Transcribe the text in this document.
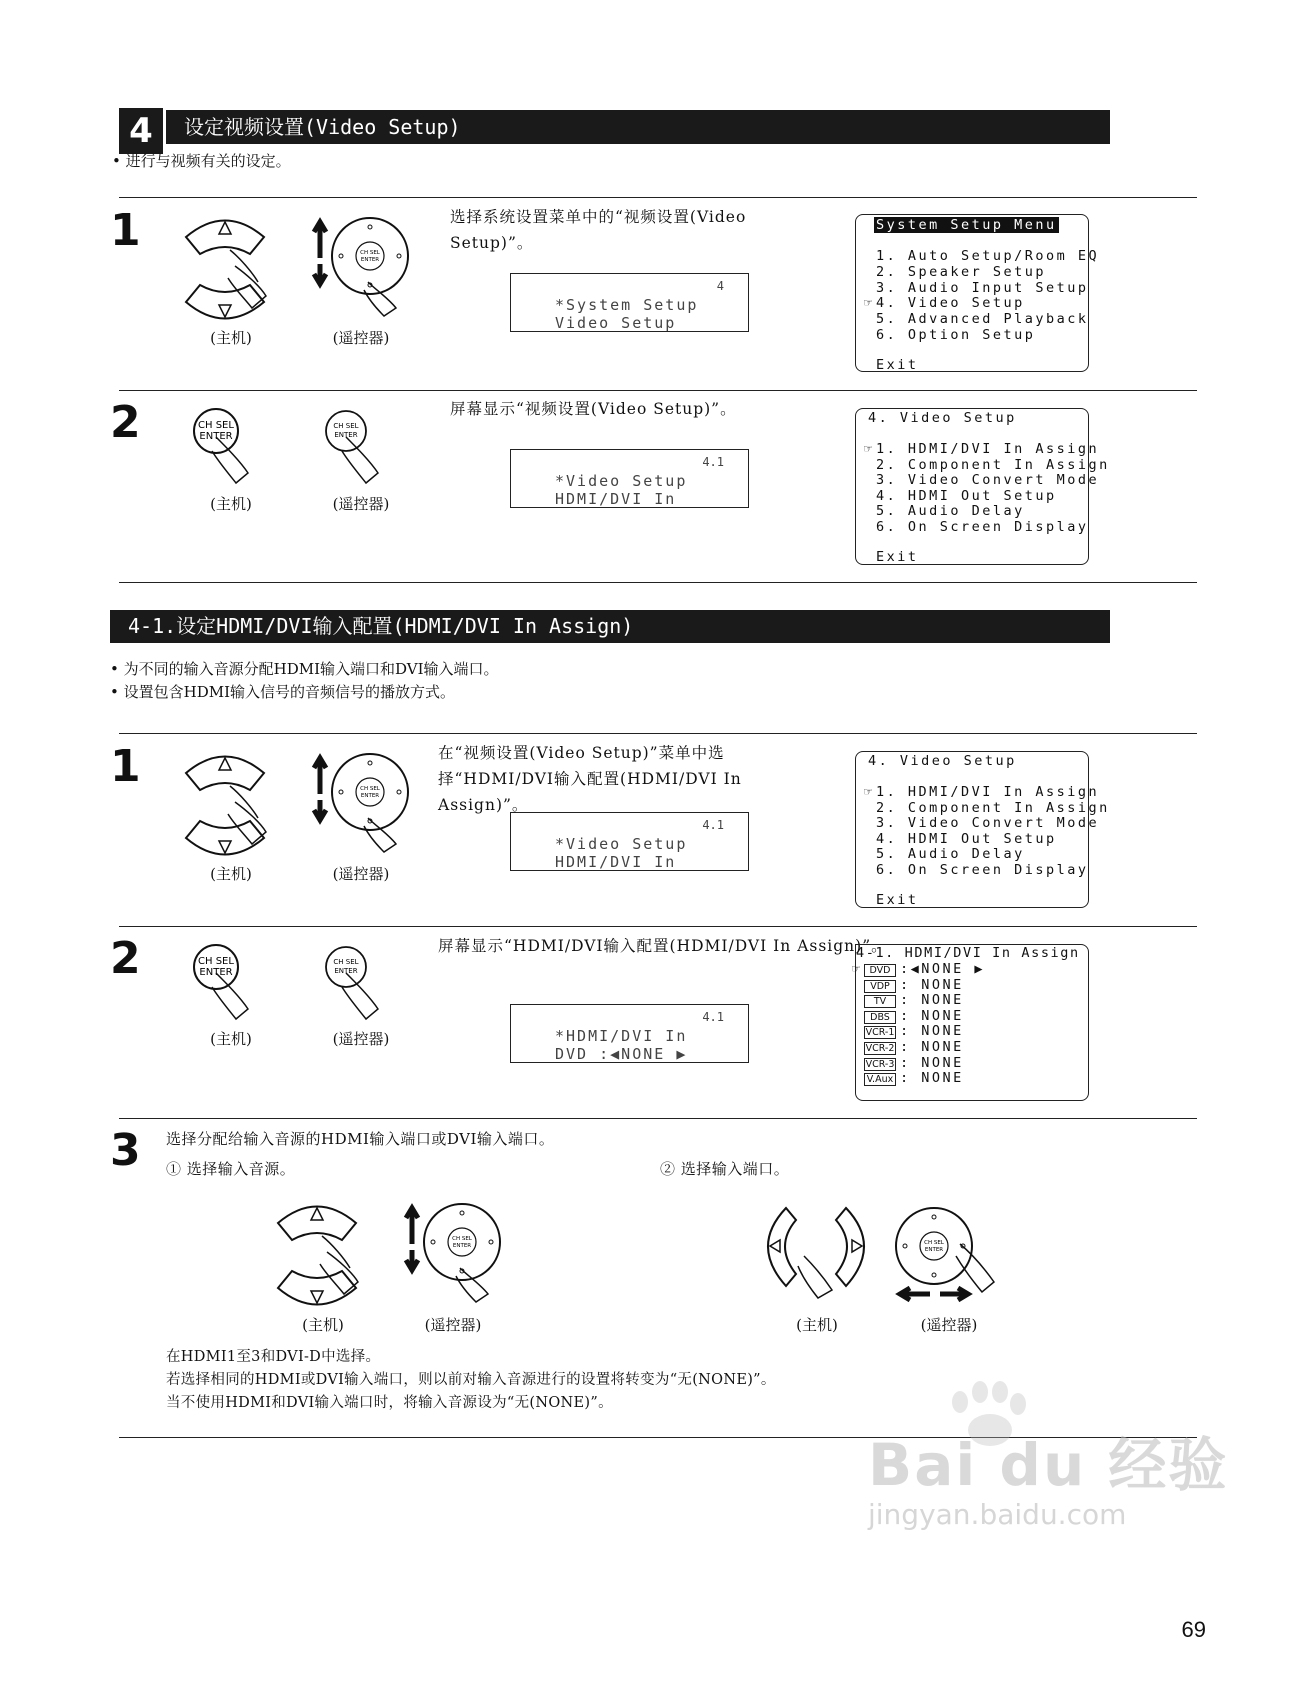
4	设定视频设置(Video Setup)
• 进行与视频有关的设定。
1	CH SEL
ENTER
(主机)	(遥控器)
选择系统设置菜单中的“视频设置(Video Setup)”。
4
*System Setup
Video Setup
System Setup Menu
1. Auto Setup/Room EQ
2. Speaker Setup
3. Audio Input Setup
☞ 4. Video Setup
5. Advanced Playback
6. Option Setup
Exit
2	CH SEL
ENTER
CH SEL
ENTER
(主机)	(遥控器)
屏幕显示“视频设置(Video Setup)”。
4.1
*Video Setup
HDMI/DVI In
4. Video Setup
☞ 1. HDMI/DVI In Assign
2. Component In Assign
3. Video Convert Mode
4. HDMI Out Setup
5. Audio Delay
6. On Screen Display
Exit
4-1.设定HDMI/DVI输入配置(HDMI/DVI In Assign)
• 为不同的输入音源分配HDMI输入端口和DVI输入端口。
• 设置包含HDMI输入信号的音频信号的播放方式。
1	CH SEL
ENTER
(主机)	(遥控器)
在“视频设置(Video Setup)”菜单中选择“HDMI/DVI输入配置(HDMI/DVI In Assign)”。
4.1
*Video Setup
HDMI/DVI In
4. Video Setup
☞ 1. HDMI/DVI In Assign
2. Component In Assign
3. Video Convert Mode
4. HDMI Out Setup
5. Audio Delay
6. On Screen Display
Exit
2	CH SEL
ENTER
CH SEL
ENTER
(主机)	(遥控器)
屏幕显示“HDMI/DVI输入配置(HDMI/DVI In Assign)”。
4.1
*HDMI/DVI In
DVD :◀NONE ▶
4-1. HDMI/DVI In Assign
☞ DVD :◀NONE ▶
VDP : NONE
TV : NONE
DBS : NONE
VCR-1 : NONE
VCR-2 : NONE
VCR-3 : NONE
V.Aux : NONE
3 选择分配给输入音源的HDMI输入端口或DVI输入端口。
① 选择输入音源。	② 选择输入端口。
CH SEL
ENTER
(主机)	(遥控器)
CH SEL
ENTER
(主机)	(遥控器)
在HDMI1至3和DVI-D中选择。
若选择相同的HDMI或DVI输入端口，则以前对输入音源进行的设置将转变为“无(NONE)”。
当不使用HDMI和DVI输入端口时，将输入音源设为“无(NONE)”。
Bai du 经验
jingyan.baidu.com
69
